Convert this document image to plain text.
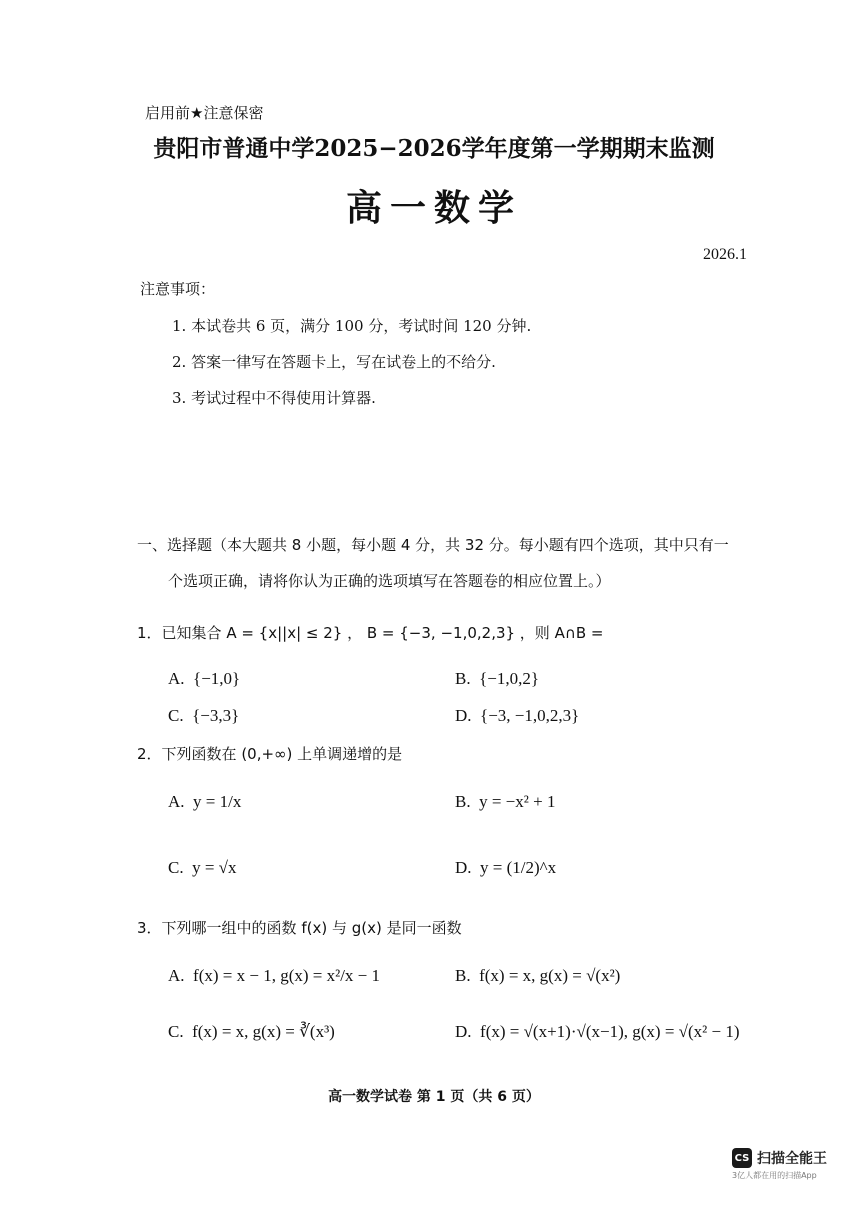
启用前★注意保密
贵阳市普通中学2025−2026学年度第一学期期末监测
高一数学
2026.1
注意事项：
1. 本试卷共 6 页，满分 100 分，考试时间 120 分钟.
2. 答案一律写在答题卡上，写在试卷上的不给分.
3. 考试过程中不得使用计算器.
一、选择题（本大题共 8 小题，每小题 4 分，共 32 分。每小题有四个选项，其中只有一
个选项正确，请将你认为正确的选项填写在答题卷的相应位置上。）
1．已知集合 A = {x||x| ≤ 2} ， B = {−3, −1,0,2,3} ，则 A∩B =
A. {−1,0}	B. {−1,0,2}
C. {−3,3}	D. {−3, −1,0,2,3}
2．下列函数在 (0,+∞) 上单调递增的是
A. y = 1/x	B. y = −x² + 1
C. y = √x	D. y = (1/2)^x
3．下列哪一组中的函数 f(x) 与 g(x) 是同一函数
A. f(x) = x − 1, g(x) = x²/x − 1	B. f(x) = x, g(x) = √(x²)
C. f(x) = x, g(x) = ∛(x³)	D. f(x) = √(x+1)·√(x−1), g(x) = √(x² − 1)
高一数学试卷 第 1 页（共 6 页）
CS 扫描全能王
3亿人都在用的扫描App
